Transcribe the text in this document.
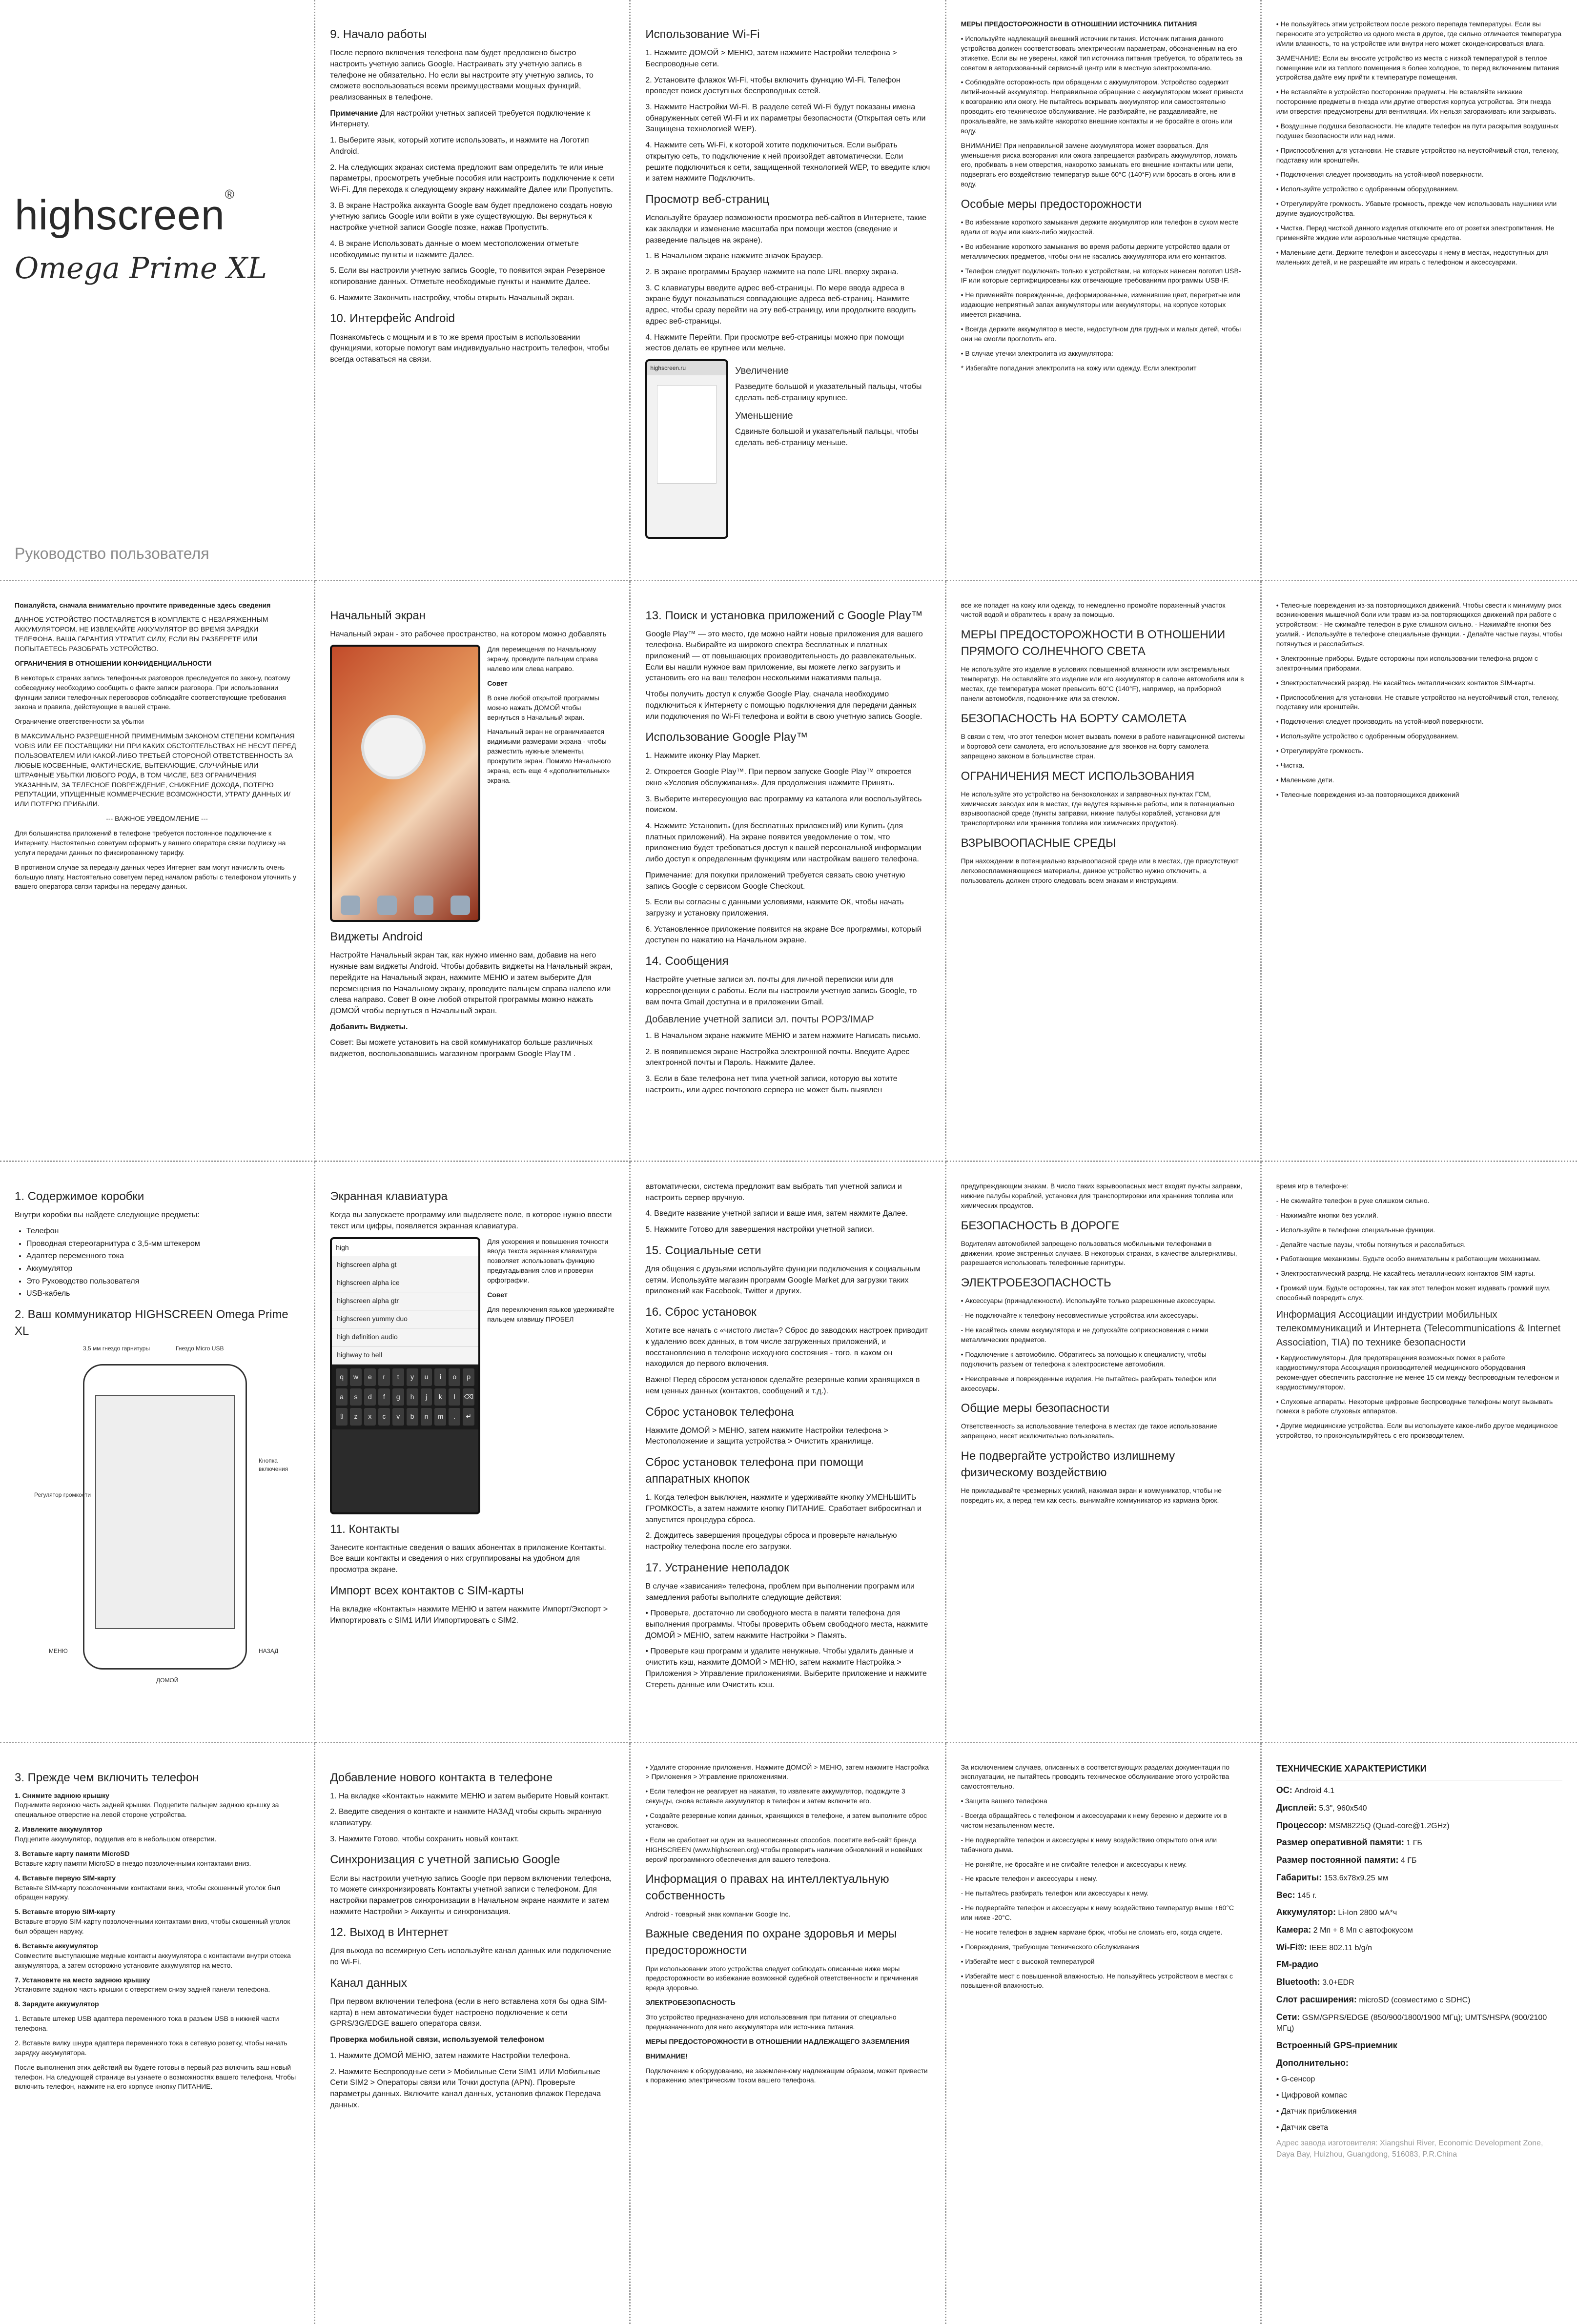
highscreen®
Omega Prime XL
Руководство пользователя
9. Начало работы

После первого включения телефона вам будет предложено быстро настроить учетную запись Google. Настраивать эту учетную запись в телефоне не обязательно. Но если вы настроите эту учетную запись, то сможете воспользоваться всеми преимуществами мощных функций, реализованных в телефоне.

Примечание Для настройки учетных записей требуется подключение к Интернету.

1. Выберите язык, который хотите использовать, и нажмите на Логотип Android.

2. На следующих экранах система предложит вам определить те или иные параметры, просмотреть учебные пособия или настроить подключение к сети Wi-Fi. Для перехода к следующему экрану нажимайте Далее или Пропустить.

3. В экране Настройка аккаунта Google вам будет предложено создать новую учетную запись Google или войти в уже существующую. Вы вернуться к настройке учетной записи Google позже, нажав Пропустить.

4. В экране Использовать данные о моем местоположении отметьте необходимые пункты и нажмите Далее.

5. Если вы настроили учетную запись Google, то появится экран Резервное копирование данных. Отметьте необходимые пункты и нажмите Далее.

6. Нажмите Закончить настройку, чтобы открыть Начальный экран.

10. Интерфейс Android

Познакомьтесь с мощным и в то же время простым в использовании функциями, которые помогут вам индивидуально настроить телефон, чтобы всегда оставаться на связи.

Использование Wi-Fi

1. Нажмите ДОМОЙ > МЕНЮ, затем нажмите Настройки телефона > Беспроводные сети.

2. Установите флажок Wi-Fi, чтобы включить функцию Wi-Fi. Телефон проведет поиск доступных беспроводных сетей.

3. Нажмите Настройки Wi-Fi. В разделе сетей Wi-Fi будут показаны имена обнаруженных сетей Wi-Fi и их параметры безопасности (Открытая сеть или Защищена технологией WEP).

4. Нажмите сеть Wi-Fi, к которой хотите подключиться. Если выбрать открытую сеть, то подключение к ней произойдет автоматически. Если решите подключиться к сети, защищенной технологией WEP, то введите ключ и затем нажмите Подключить.

Просмотр веб-страниц

Используйте браузер возможности просмотра веб-сайтов в Интернете, такие как закладки и изменение масштаба при помощи жестов (сведение и разведение пальцев на экране).

1. В Начальном экране нажмите значок Браузер.

2. В экране программы Браузер нажмите на поле URL вверху экрана.

3. С клавиатуры введите адрес веб-страницы. По мере ввода адреса в экране будут показываться совпадающие адреса веб-страниц. Нажмите адрес, чтобы сразу перейти на эту веб-страницу, или продолжите вводить адрес веб-страницы.

4. Нажмите Перейти. При просмотре веб-страницы можно при помощи жестов делать ее крупнее или мельче.

highscreen.ru	Увеличение

Разведите большой и указательный пальцы, чтобы сделать веб-страницу крупнее.

Уменьшение

Сдвиньте большой и указательный пальцы, чтобы сделать веб-страницу меньше.

МЕРЫ ПРЕДОСТОРОЖНОСТИ В ОТНОШЕНИИ ИСТОЧНИКА ПИТАНИЯ

• Используйте надлежащий внешний источник питания. Источник питания данного устройства должен соответствовать электрическим параметрам, обозначенным на его этикетке. Если вы не уверены, какой тип источника питания требуется, то обратитесь за советом в авторизованный сервисный центр или в местную электрокомпанию.

• Соблюдайте осторожность при обращении с аккумулятором. Устройство содержит литий-ионный аккумулятор. Неправильное обращение с аккумулятором может привести к возгоранию или ожогу. Не пытайтесь вскрывать аккумулятор или самостоятельно проводить его техническое обслуживание. Не разбирайте, не раздавливайте, не прокалывайте, не замыкайте накоротко внешние контакты и не бросайте в огонь или воду.

ВНИМАНИЕ! При неправильной замене аккумулятора может взорваться. Для уменьшения риска возгорания или ожога запрещается разбирать аккумулятор, ломать его, пробивать в нем отверстия, накоротко замыкать его внешние контакты или цепи, подвергать его воздействию температур выше 60°C (140°F) или бросать в огонь или в воду.

Особые меры предосторожности

• Во избежание короткого замыкания держите аккумулятор или телефон в сухом месте вдали от воды или каких-либо жидкостей.

• Во избежание короткого замыкания во время работы держите устройство вдали от металлических предметов, чтобы они не касались аккумулятора или его контактов.

• Телефон следует подключать только к устройствам, на которых нанесен логотип USB-IF или которые сертифицированы как отвечающие требованиям программы USB-IF.

• Не применяйте поврежденные, деформированные, изменившие цвет, перегретые или издающие неприятный запах аккумуляторы или аккумуляторы, на корпусе которых имеется ржавчина.

• Всегда держите аккумулятор в месте, недоступном для грудных и малых детей, чтобы они не смогли проглотить его.

• В случае утечки электролита из аккумулятора:

* Избегайте попадания электролита на кожу или одежду. Если электролит

• Не пользуйтесь этим устройством после резкого перепада температуры. Если вы переносите это устройство из одного места в другое, где сильно отличается температура и/или влажность, то на устройстве или внутри него может сконденсироваться влага.

ЗАМЕЧАНИЕ: Если вы вносите устройство из места с низкой температурой в теплое помещение или из теплого помещения в более холодное, то перед включением питания устройства дайте ему прийти к температуре помещения.

• Не вставляйте в устройство посторонние предметы. Не вставляйте никакие посторонние предметы в гнезда или другие отверстия корпуса устройства. Эти гнезда или отверстия предусмотрены для вентиляции. Их нельзя загораживать или закрывать.

• Воздушные подушки безопасности. Не кладите телефон на пути раскрытия воздушных подушек безопасности или над ними.

• Приспособления для установки. Не ставьте устройство на неустойчивый стол, тележку, подставку или кронштейн.

• Подключения следует производить на устойчивой поверхности.

• Используйте устройство с одобренным оборудованием.

• Отрегулируйте громкость. Убавьте громкость, прежде чем использовать наушники или другие аудиоустройства.

• Чистка. Перед чисткой данного изделия отключите его от розетки электропитания. Не применяйте жидкие или аэрозольные чистящие средства.

• Маленькие дети. Держите телефон и аксессуары к нему в местах, недоступных для маленьких детей, и не разрешайте им играть с телефоном и аксессуарами.

Пожалуйста, сначала внимательно прочтите приведенные здесь сведения

ДАННОЕ УСТРОЙСТВО ПОСТАВЛЯЕТСЯ В КОМПЛЕКТЕ С НЕЗАРЯЖЕННЫМ АККУМУЛЯТОРОМ. НЕ ИЗВЛЕКАЙТЕ АККУМУЛЯТОР ВО ВРЕМЯ ЗАРЯДКИ ТЕЛЕФОНА. ВАША ГАРАНТИЯ УТРАТИТ СИЛУ, ЕСЛИ ВЫ РАЗБЕРЕТЕ ИЛИ ПОПЫТАЕТЕСЬ РАЗОБРАТЬ УСТРОЙСТВО.

ОГРАНИЧЕНИЯ В ОТНОШЕНИИ КОНФИДЕНЦИАЛЬНОСТИ

В некоторых странах запись телефонных разговоров преследуется по закону, поэтому собеседнику необходимо сообщить о факте записи разговора. При использовании функции записи телефонных переговоров соблюдайте соответствующие требования закона и правила, действующие в вашей стране.

Ограничение ответственности за убытки

В МАКСИМАЛЬНО РАЗРЕШЕННОЙ ПРИМЕНИМЫМ ЗАКОНОМ СТЕПЕНИ КОМПАНИЯ VOBIS ИЛИ ЕЕ ПОСТАВЩИКИ НИ ПРИ КАКИХ ОБСТОЯТЕЛЬСТВАХ НЕ НЕСУТ ПЕРЕД ПОЛЬЗОВАТЕЛЕМ ИЛИ КАКОЙ-ЛИБО ТРЕТЬЕЙ СТОРОНОЙ ОТВЕТСТВЕННОСТЬ ЗА ЛЮБЫЕ КОСВЕННЫЕ, ФАКТИЧЕСКИЕ, ВЫТЕКАЮЩИЕ, СЛУЧАЙНЫЕ ИЛИ ШТРАФНЫЕ УБЫТКИ ЛЮБОГО РОДА, В ТОМ ЧИСЛЕ, БЕЗ ОГРАНИЧЕНИЯ УКАЗАННЫМ, ЗА ТЕЛЕСНОЕ ПОВРЕЖДЕНИЕ, СНИЖЕНИЕ ДОХОДА, ПОТЕРЮ РЕПУТАЦИИ, УПУЩЕННЫЕ КОММЕРЧЕСКИЕ ВОЗМОЖНОСТИ, УТРАТУ ДАННЫХ И/ИЛИ ПОТЕРЮ ПРИБЫЛИ.

--- ВАЖНОЕ УВЕДОМЛЕНИЕ ---

Для большинства приложений в телефоне требуется постоянное подключение к Интернету. Настоятельно советуем оформить у вашего оператора связи подписку на услуги передачи данных по фиксированному тарифу.

В противном случае за передачу данных через Интернет вам могут начислить очень большую плату. Настоятельно советуем перед началом работы с телефоном уточнить у вашего оператора связи тарифы на передачу данных.

Начальный экран

Начальный экран - это рабочее пространство, на котором можно добавлять

Для перемещения по Начальному экрану, проведите пальцем справа налево или слева направо.

Совет

В окне любой открытой программы можно нажать ДОМОЙ чтобы вернуться в Начальный экран.

Начальный экран не ограничивается видимыми размерами экрана - чтобы разместить нужные элементы, прокрутите экран. Помимо Начального экрана, есть еще 4 «дополнительных» экрана.

Виджеты Android

Настройте Начальный экран так, как нужно именно вам, добавив на него нужные вам виджеты Android. Чтобы добавить виджеты на Начальный экран, перейдите на Начальный экран, нажмите МЕНЮ и затем выберите Для перемещения по Начальному экрану, проведите пальцем справа налево или слева направо. Совет В окне любой открытой программы можно нажать ДОМОЙ чтобы вернуться в Начальный экран.

Добавить Виджеты.

Совет: Вы можете установить на свой коммуникатор больше различных виджетов, воспользовавшись магазином программ Google PlayTM .

13. Поиск и установка приложений с Google Play™

Google Play™ — это место, где можно найти новые приложения для вашего телефона. Выбирайте из широкого спектра бесплатных и платных приложений — от повышающих производительность до развлекательных. Если вы нашли нужное вам приложение, вы можете легко загрузить и установить его на ваш телефон несколькими нажатиями пальца.

Чтобы получить доступ к службе Google Play, сначала необходимо подключиться к Интернету с помощью подключения для передачи данных или подключения по Wi-Fi телефона и войти в свою учетную запись Google.

Использование Google Play™

1. Нажмите иконку Play Маркет.

2. Откроется Google Play™. При первом запуске Google Play™ откроется окно «Условия обслуживания». Для продолжения нажмите Принять.

3. Выберите интересующую вас программу из каталога или воспользуйтесь поиском.

4. Нажмите Установить (для бесплатных приложений) или Купить (для платных приложений). На экране появится уведомление о том, что приложению будет требоваться доступ к вашей персональной информации либо доступ к определенным функциям или настройкам вашего телефона.

Примечание: для покупки приложений требуется связать свою учетную запись Google с сервисом Google Checkout.

5. Если вы согласны с данными условиями, нажмите ОК, чтобы начать загрузку и установку приложения.

6. Установленное приложение появится на экране Все программы, который доступен по нажатию на Начальном экране.

14. Сообщения

Настройте учетные записи эл. почты для личной переписки или для корреспонденции с работы. Если вы настроили учетную запись Google, то вам почта Gmail доступна и в приложении Gmail.

Добавление учетной записи эл. почты POP3/IMAP

1. В Начальном экране нажмите МЕНЮ и затем нажмите Написать письмо.

2. В появившемся экране Настройка электронной почты. Введите Адрес электронной почты и Пароль. Нажмите Далее.

3. Если в базе телефона нет типа учетной записи, которую вы хотите настроить, или адрес почтового сервера не может быть выявлен

все же попадет на кожу или одежду, то немедленно промойте пораженный участок чистой водой и обратитесь к врачу за помощью.

МЕРЫ ПРЕДОСТОРОЖНОСТИ В ОТНОШЕНИИ ПРЯМОГО СОЛНЕЧНОГО СВЕТА

Не используйте это изделие в условиях повышенной влажности или экстремальных температур. Не оставляйте это изделие или его аккумулятор в салоне автомобиля или в местах, где температура может превысить 60°C (140°F), например, на приборной панели автомобиля, подоконнике или за стеклом.

БЕЗОПАСНОСТЬ НА БОРТУ САМОЛЕТА

В связи с тем, что этот телефон может вызвать помехи в работе навигационной системы и бортовой сети самолета, его использование для звонков на борту самолета запрещено законом в большинстве стран.

ОГРАНИЧЕНИЯ МЕСТ ИСПОЛЬЗОВАНИЯ

Не используйте это устройство на бензоколонках и заправочных пунктах ГСМ, химических заводах или в местах, где ведутся взрывные работы, или в потенциально взрывоопасной среде (пункты заправки, нижние палубы кораблей, установки для транспортировки или хранения топлива или химических продуктов).

ВЗРЫВООПАСНЫЕ СРЕДЫ

При нахождении в потенциально взрывоопасной среде или в местах, где присутствуют легковоспламеняющиеся материалы, данное устройство нужно отключить, а пользователь должен строго следовать всем знакам и инструкциям.

• Телесные повреждения из-за повторяющихся движений. Чтобы свести к минимуму риск возникновения мышечной боли или травм из-за повторяющихся движений при работе с устройством: - Не сжимайте телефон в руке слишком сильно. - Нажимайте кнопки без усилий. - Используйте в телефоне специальные функции. - Делайте частые паузы, чтобы потянуться и расслабиться.

• Электронные приборы. Будьте осторожны при использовании телефона рядом с электронными приборами.

• Электростатический разряд. Не касайтесь металлических контактов SIM-карты.

• Приспособления для установки. Не ставьте устройство на неустойчивый стол, тележку, подставку или кронштейн.

• Подключения следует производить на устойчивой поверхности.

• Используйте устройство с одобренным оборудованием.

• Отрегулируйте громкость.

• Чистка.

• Маленькие дети.

• Телесные повреждения из-за повторяющихся движений

1. Содержимое коробки

Внутри коробки вы найдете следующие предметы:

• Телефон
• Проводная стереогарнитура с 3,5-мм штекером
• Адаптер переменного тока
• Аккумулятор
• Это Руководство пользователя
• USB-кабель
2. Ваш коммуникатор HIGHSCREEN Omega Prime XL
3,5 мм гнездо гарнитуры	Гнездо Micro USB
Кнопка включения
Регулятор громкости
МЕНЮ	НАЗАД
ДОМОЙ
Экранная клавиатура

Когда вы запускаете программу или выделяете поле, в которое нужно ввести текст или цифры, появляется экранная клавиатура.

high
highscreen alpha gt
highscreen alpha ice
highscreen alpha gtr
highscreen yummy duo
high definition audio
highway to hell
q	w	e	r	t	y	u	i	o	p
a	s	d	f	g	h	j	k	l	⌫
⇧	z	x	c	v	b	n	m	.	↵

Для ускорения и повышения точности ввода текста экранная клавиатура позволяет использовать функцию предугадывания слов и проверки орфографии.

Совет

Для переключения языков удерживайте пальцем клавишу ПРОБЕЛ

11. Контакты

Занесите контактные сведения о ваших абонентах в приложение Контакты. Все ваши контакты и сведения о них сгруппированы на удобном для просмотра экране.

Импорт всех контактов с SIM-карты

На вкладке «Контакты» нажмите МЕНЮ и затем нажмите Импорт/Экспорт > Импортировать с SIM1 ИЛИ Импортировать с SIM2.

автоматически, система предложит вам выбрать тип учетной записи и настроить сервер вручную.

4. Введите название учетной записи и ваше имя, затем нажмите Далее.

5. Нажмите Готово для завершения настройки учетной записи.

15. Социальные сети

Для общения с друзьями используйте функции подключения к социальным сетям. Используйте магазин программ Google Market для загрузки таких приложений как Facebook, Twitter и других.

16. Сброс установок

Хотите все начать с «чистого листа»? Сброс до заводских настроек приводит к удалению всех данных, в том числе загруженных приложений, и восстановлению в телефоне исходного состояния - того, в каком он находился до первого включения.

Важно! Перед сбросом установок сделайте резервные копии хранящихся в нем ценных данных (контактов, сообщений и т.д.).

Сброс установок телефона

Нажмите ДОМОЙ > МЕНЮ, затем нажмите Настройки телефона > Местоположение и защита устройства > Очистить хранилище.

Сброс установок телефона при помощи аппаратных кнопок

1. Когда телефон выключен, нажмите и удерживайте кнопку УМЕНЬШИТЬ ГРОМКОСТЬ, а затем нажмите кнопку ПИТАНИЕ. Сработает вибросигнал и запустится процедура сброса.

2. Дождитесь завершения процедуры сброса и проверьте начальную настройку телефона после его загрузки.

17. Устранение неполадок

В случае «зависания» телефона, проблем при выполнении программ или замедления работы выполните следующие действия:

• Проверьте, достаточно ли свободного места в памяти телефона для выполнения программы. Чтобы проверить объем свободного места, нажмите ДОМОЙ > МЕНЮ, затем нажмите Настройки > Память.

• Проверьте кэш программ и удалите ненужные. Чтобы удалить данные и очистить кэш, нажмите ДОМОЙ > МЕНЮ, затем нажмите Настройка > Приложения > Управление приложениями. Выберите приложение и нажмите Стереть данные или Очистить кэш.

предупреждающим знакам. В число таких взрывоопасных мест входят пункты заправки, нижние палубы кораблей, установки для транспортировки или хранения топлива или химических продуктов.

БЕЗОПАСНОСТЬ В ДОРОГЕ

Водителям автомобилей запрещено пользоваться мобильными телефонами в движении, кроме экстренных случаев. В некоторых странах, в качестве альтернативы, разрешается использовать телефонные гарнитуры.

ЭЛЕКТРОБЕЗОПАСНОСТЬ

• Аксессуары (принадлежности). Используйте только разрешенные аксессуары.

- Не подключайте к телефону несовместимые устройства или аксессуары.

- Не касайтесь клемм аккумулятора и не допускайте соприкосновения с ними металлических предметов.

• Подключение к автомобилю. Обратитесь за помощью к специалисту, чтобы подключить разъем от телефона к электросистеме автомобиля.

• Неисправные и поврежденные изделия. Не пытайтесь разбирать телефон или аксессуары.

Общие меры безопасности

Ответственность за использование телефона в местах где такое использование запрещено, несет исключительно пользователь.

Не подвергайте устройство излишнему физическому воздействию

Не прикладывайте чрезмерных усилий, нажимая экран и коммуникатор, чтобы не повредить их, а перед тем как сесть, вынимайте коммуникатор из кармана брюк.

время игр в телефоне:

- Не сжимайте телефон в руке слишком сильно.

- Нажимайте кнопки без усилий.

- Используйте в телефоне специальные функции.

- Делайте частые паузы, чтобы потянуться и расслабиться.

• Работающие механизмы. Будьте особо внимательны к работающим механизмам.

• Электростатический разряд. Не касайтесь металлических контактов SIM-карты.

• Громкий шум. Будьте осторожны, так как этот телефон может издавать громкий шум, способный повредить слух.

Информация Ассоциации индустрии мобильных телекоммуникаций и Интернета (Telecommunications & Internet Association, TIA) по технике безопасности

• Кардиостимуляторы. Для предотвращения возможных помех в работе кардиостимулятора Ассоциация производителей медицинского оборудования рекомендует обеспечить расстояние не менее 15 см между беспроводным телефоном и кардиостимулятором.

• Слуховые аппараты. Некоторые цифровые беспроводные телефоны могут вызывать помехи в работе слуховых аппаратов.

• Другие медицинские устройства. Если вы используете какое-либо другое медицинское устройство, то проконсультируйтесь с его производителем.

3. Прежде чем включить телефон

1. Снимите заднюю крышку
Поднимите верхнюю часть задней крышки. Подцепите пальцем заднюю крышку за специальное отверстие на левой стороне устройства.

2. Извлеките аккумулятор
Подцепите аккумулятор, подцепив его в небольшом отверстии.

3. Вставьте карту памяти MicroSD
Вставьте карту памяти MicroSD в гнездо позолоченными контактами вниз.

4. Вставьте первую SIM-карту
Вставьте SIM-карту позолоченными контактами вниз, чтобы скошенный уголок был обращен наружу.

5. Вставьте вторую SIM-карту
Вставьте вторую SIM-карту позолоченными контактами вниз, чтобы скошенный уголок был обращен наружу.

6. Вставьте аккумулятор
Совместите выступающие медные контакты аккумулятора с контактами внутри отсека аккумулятора, а затем осторожно установите аккумулятор на место.

7. Установите на место заднюю крышку
Установите заднюю часть крышки с отверстием снизу задней панели телефона.

8. Зарядите аккумулятор

1. Вставьте штекер USB адаптера переменного тока в разъем USB в нижней части телефона.

2. Вставьте вилку шнура адаптера переменного тока в сетевую розетку, чтобы начать зарядку аккумулятора.

После выполнения этих действий вы будете готовы в первый раз включить ваш новый телефон. На следующей странице вы узнаете о возможностях вашего телефона. Чтобы включить телефон, нажмите на его корпусе кнопку ПИТАНИЕ.

Добавление нового контакта в телефоне

1. На вкладке «Контакты» нажмите МЕНЮ и затем выберите Новый контакт.

2. Введите сведения о контакте и нажмите НАЗАД чтобы скрыть экранную клавиатуру.

3. Нажмите Готово, чтобы сохранить новый контакт.

Синхронизация с учетной записью Google

Если вы настроили учетную запись Google при первом включении телефона, то можете синхронизировать Контакты учетной записи с телефоном. Для настройки параметров синхронизации в Начальном экране нажмите и затем нажмите Настройки > Аккаунты и синхронизация.

12. Выход в Интернет

Для выхода во всемирную Сеть используйте канал данных или подключение по Wi-Fi.

Канал данных

При первом включении телефона (если в него вставлена хотя бы одна SIM-карта) в нем автоматически будет настроено подключение к сети GPRS/3G/EDGE вашего оператора связи.

Проверка мобильной связи, используемой телефоном

1. Нажмите ДОМОЙ МЕНЮ, затем нажмите Настройки телефона.

2. Нажмите Беспроводные сети > Мобильные Сети SIM1 ИЛИ Мобильные Сети SIM2 > Операторы связи или Точки доступа (APN). Проверьте параметры данных. Включите канал данных, установив флажок Передача данных.

• Удалите сторонние приложения. Нажмите ДОМОЙ > МЕНЮ, затем нажмите Настройка > Приложения > Управление приложениями.

• Если телефон не реагирует на нажатия, то извлеките аккумулятор, подождите 3 секунды, снова вставьте аккумулятор в телефон и затем включите его.

• Создайте резервные копии данных, хранящихся в телефоне, и затем выполните сброс установок.

• Если не сработает ни один из вышеописанных способов, посетите веб-сайт бренда HIGHSCREEN (www.highscreen.org) чтобы проверить наличие обновлений и новейших версий программного обеспечения для вашего телефона.

Информация о правах на интеллектуальную собственность

Android - товарный знак компании Google Inc.

Важные сведения по охране здоровья и меры предосторожности

При использовании этого устройства следует соблюдать описанные ниже меры предосторожности во избежание возможной судебной ответственности и причинения вреда здоровью.

ЭЛЕКТРОБЕЗОПАСНОСТЬ

Это устройство предназначено для использования при питании от специально предназначенного для него аккумулятора или источника питания.

МЕРЫ ПРЕДОСТОРОЖНОСТИ В ОТНОШЕНИИ НАДЛЕЖАЩЕГО ЗАЗЕМЛЕНИЯ

ВНИМАНИЕ!

Подключение к оборудованию, не заземленному надлежащим образом, может привести к поражению электрическим током вашего телефона.

За исключением случаев, описанных в соответствующих разделах документации по эксплуатации, не пытайтесь проводить техническое обслуживание этого устройства самостоятельно.

• Защита вашего телефона

- Всегда обращайтесь с телефоном и аксессуарами к нему бережно и держите их в чистом незапыленном месте.

- Не подвергайте телефон и аксессуары к нему воздействию открытого огня или табачного дыма.

- Не роняйте, не бросайте и не сгибайте телефон и аксессуары к нему.

- Не красьте телефон и аксессуары к нему.

- Не пытайтесь разбирать телефон или аксессуары к нему.

- Не подвергайте телефон и аксессуары к нему воздействию температур выше +60°C или ниже -20°C.

- Не носите телефон в заднем кармане брюк, чтобы не сломать его, когда сядете.

• Повреждения, требующие технического обслуживания

• Избегайте мест с высокой температурой

• Избегайте мест с повышенной влажностью. Не пользуйтесь устройством в местах с повышенной влажностью.

ТЕХНИЧЕСКИЕ ХАРАКТЕРИСТИКИ

ОС: Android 4.1

Дисплей: 5.3", 960x540

Процессор: MSM8225Q (Quad-core@1.2GHz)

Размер оперативной памяти: 1 ГБ

Размер постоянной памяти: 4 ГБ

Габариты: 153.6x78x9.25 мм

Вес: 145 г.

Аккумулятор: Li-Ion 2800 мА*ч

Камера: 2 Мп + 8 Мп с автофокусом

Wi-Fi®: IEEE 802.11 b/g/n

FM-радио

Bluetooth: 3.0+EDR

Слот расширения: microSD (совместимо с SDHC)

Сети: GSM/GPRS/EDGE (850/900/1800/1900 МГц); UMTS/HSPA (900/2100 МГц)

Встроенный GPS-приемник

Дополнительно:

• G-сенсор

• Цифровой компас

• Датчик приближения

• Датчик света

Адрес завода изготовителя: Xiangshui River, Economic Development Zone, Daya Bay, Huizhou, Guangdong, 516083, P.R.China
